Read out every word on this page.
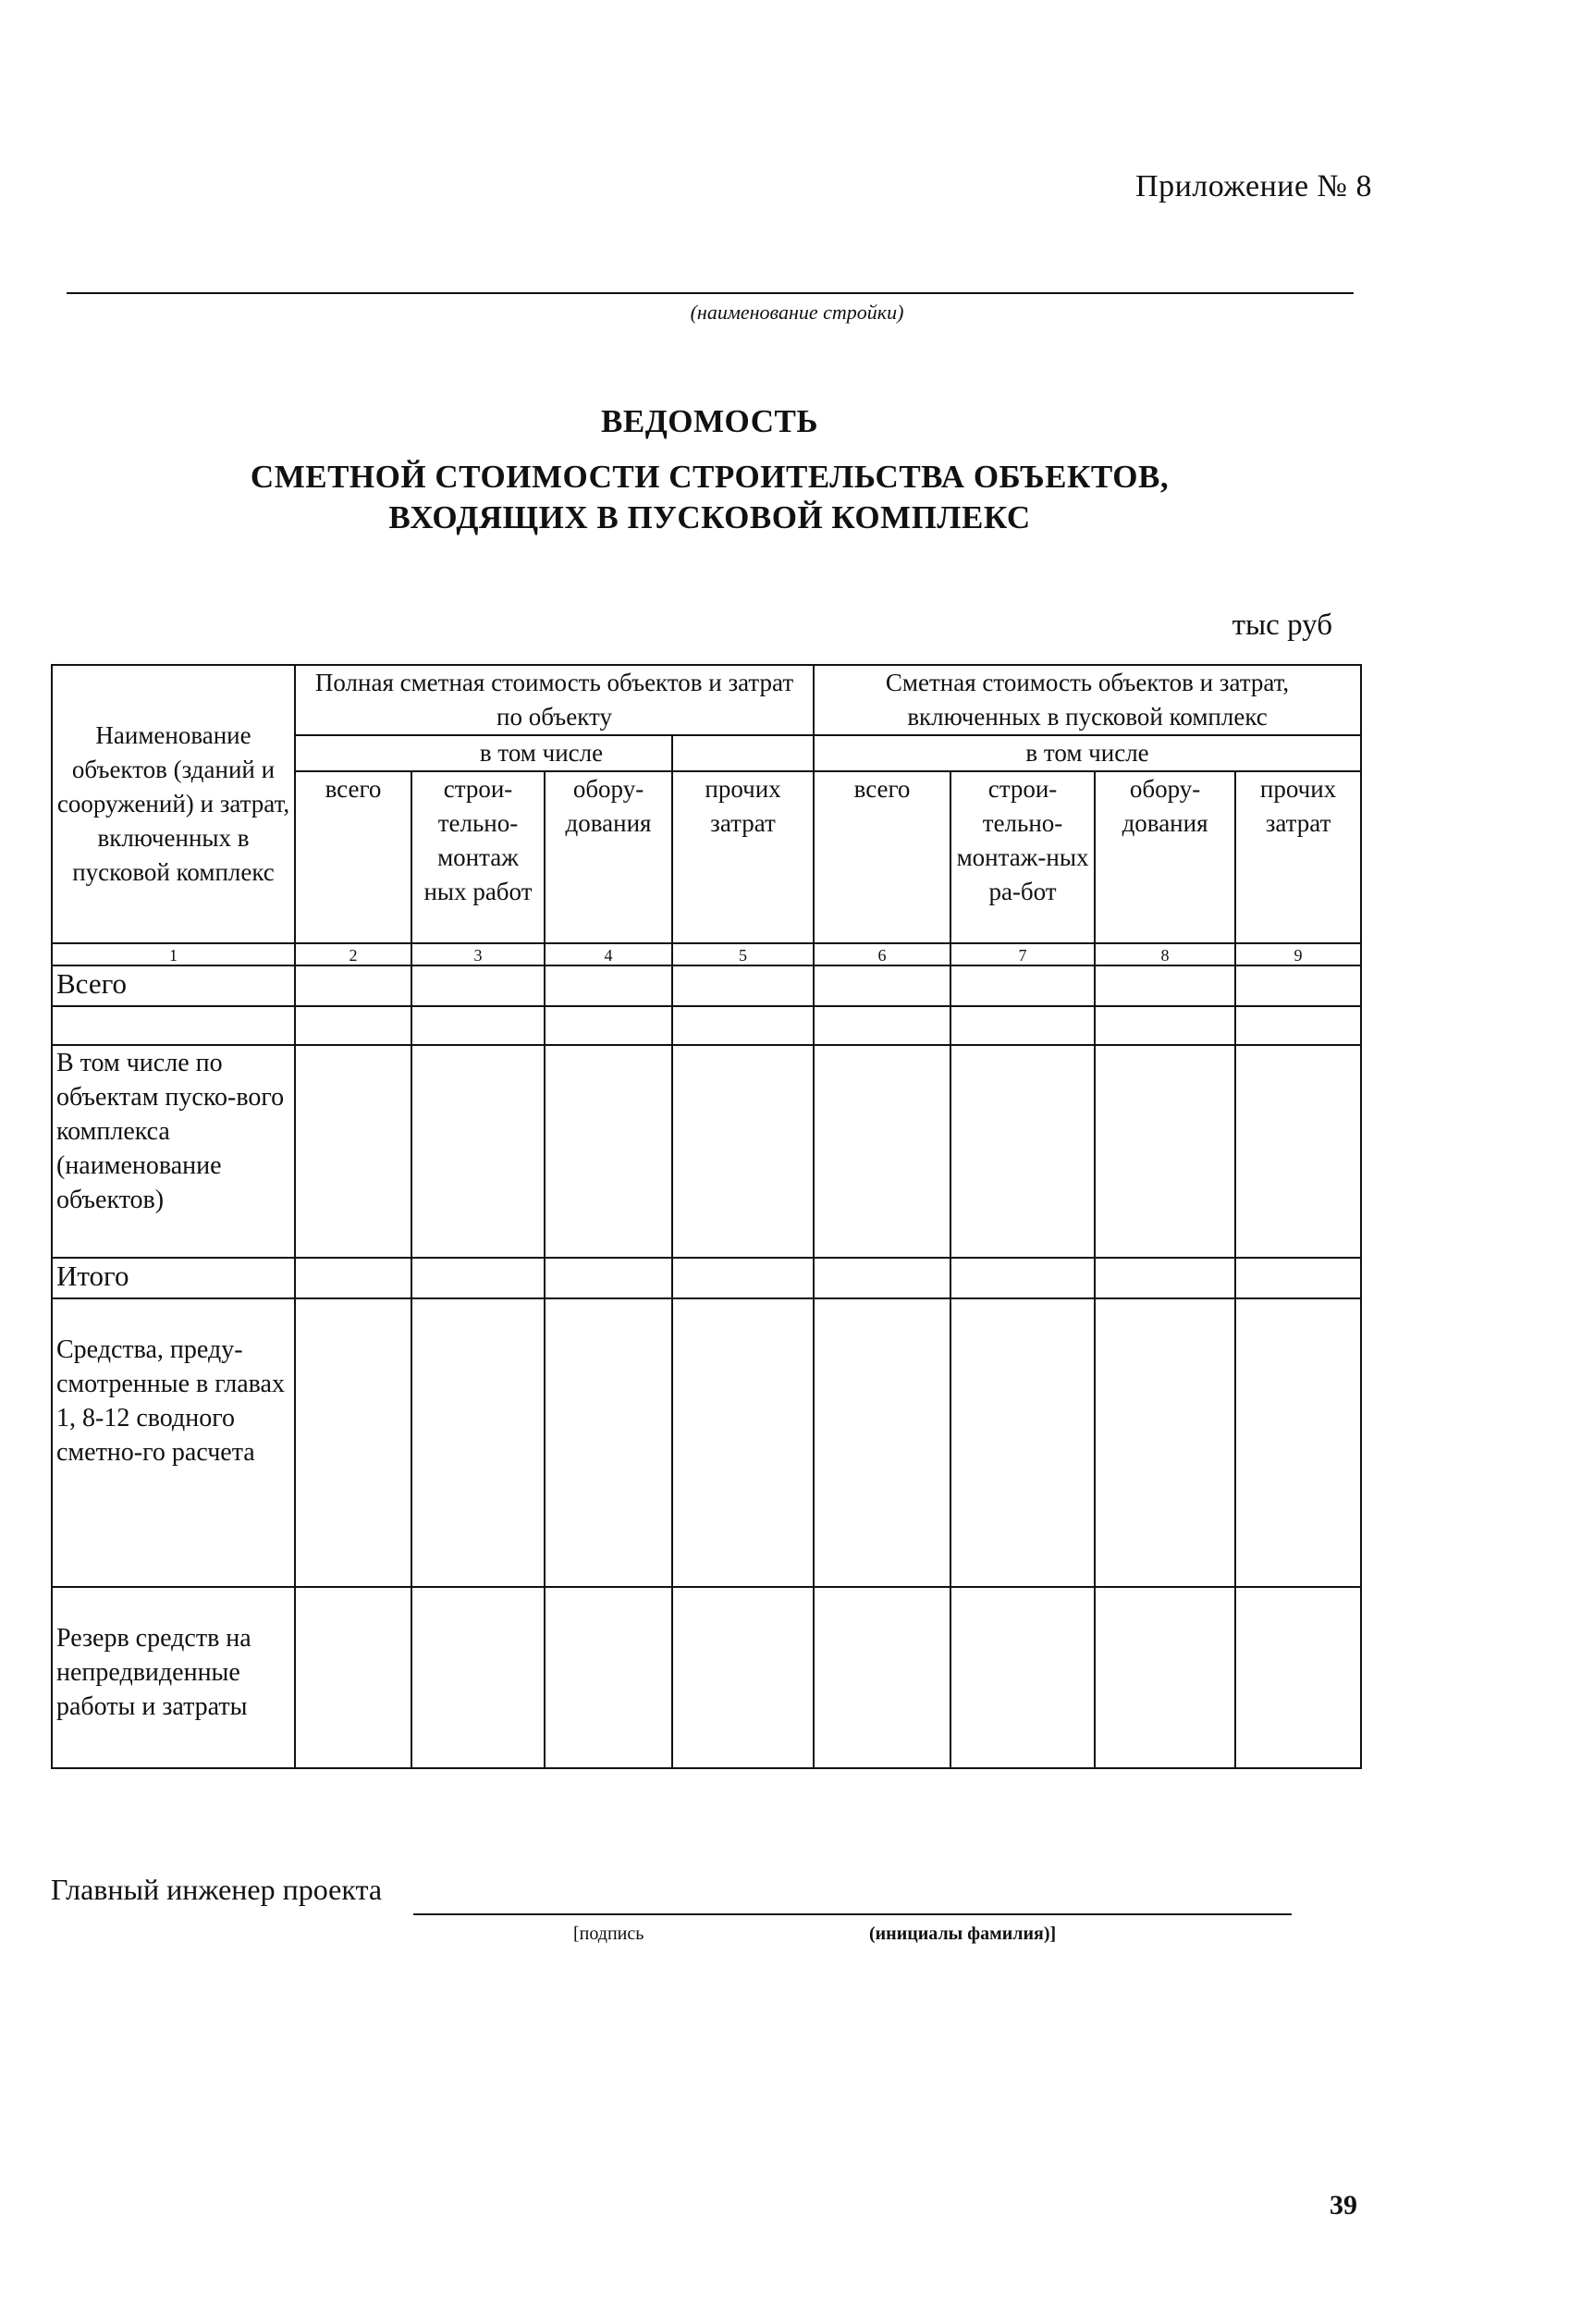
Приложение № 8
(наименование стройки)
ВЕДОМОСТЬ
СМЕТНОЙ СТОИМОСТИ СТРОИТЕЛЬСТВА ОБЪЕКТОВ,
ВХОДЯЩИХ В ПУСКОВОЙ КОМПЛЕКС
тыс руб
Наименование объектов (зданий и сооружений) и затрат, включенных в пусковой комплекс	Полная сметная стоимость объектов и затрат по объекту				Сметная стоимость объектов и затрат, включенных в пусковой комплекс			
		в том числе			в том числе			
	всего	строи-тельно-монтаж ных работ	обору-дования	прочих затрат	всего	строи-тельно-монтаж-ных ра-бот	обору-дования	прочих затрат
1	2	3	4	5	6	7	8	9
Всего								

В том числе по объектам пуско-вого комплекса (наименование объектов)								
Итого								
Средства, преду-смотренные в главах 1, 8-12 сводного сметно-го расчета								
Резерв средств на непредвиденные работы и затраты								
Главный инженер проекта
[подпись	(инициалы фамилия)]
39
